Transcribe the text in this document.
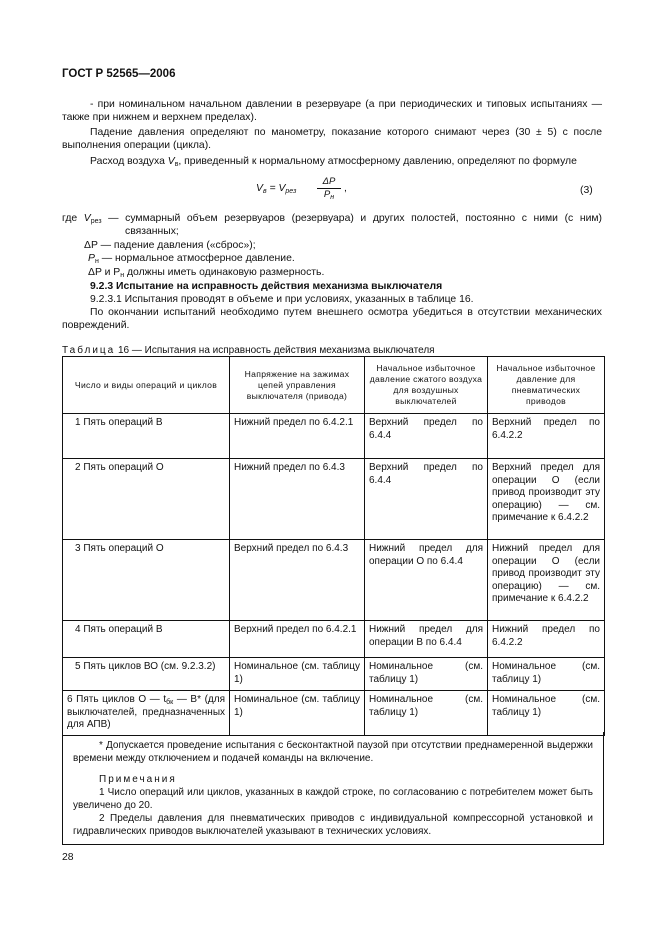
ГОСТ Р 52565—2006
- при номинальном начальном давлении в резервуаре (а при периодических и типовых испытаниях — также при нижнем и верхнем пределах).
Падение давления определяют по манометру, показание которого снимают через (30 ± 5) с после выполнения операции (цикла).
Расход воздуха $V_в$, приведенный к нормальному атмосферному давлению, определяют по формуле
$V_в = V_{рез}$
ΔP
$P_н$
,	(3)
где $V_{рез}$ — суммарный объем резервуаров (резервуара) и других полостей, постоянно с ними (с ним) связанных;
ΔP — падение давления («сброс»);
$P_н$ — нормальное атмосферное давление.
ΔP и $P_н$ должны иметь одинаковую размерность.
9.2.3 Испытание на исправность действия механизма выключателя
9.2.3.1 Испытания проводят в объеме и при условиях, указанных в таблице 16.
По окончании испытаний необходимо путем внешнего осмотра убедиться в отсутствии механических повреждений.
Таблица 16 — Испытания на исправность действия механизма выключателя
Число и виды операций и циклов	Напряжение на зажимах цепей управления выключателя (привода)	Начальное избыточное давление сжатого воздуха для воздушных выключателей	Начальное избыточное давление для пневматических приводов
1 Пять операций В	Нижний предел по 6.4.2.1	Верхний предел по 6.4.4	Верхний предел по 6.4.2.2
2 Пять операций О	Нижний предел по 6.4.3	Верхний предел по 6.4.4	Верхний предел для операции О (если привод производит эту операцию) — см. примечание к 6.4.2.2
3 Пять операций О	Верхний предел по 6.4.3	Нижний предел для операции О по 6.4.4	Нижний предел для операции О (если привод производит эту операцию) — см. примечание к 6.4.2.2
4 Пять операций В	Верхний предел по 6.4.2.1	Нижний предел для операции В по 6.4.4	Нижний предел по 6.4.2.2
5 Пять циклов ВО (см. 9.2.3.2)	Номинальное (см. таблицу 1)	Номинальное (см. таблицу 1)	Номинальное (см. таблицу 1)
6 Пять циклов О — $t_{бк}$ — В* (для выключателей, предназначенных для АПВ)	Номинальное (см. таблицу 1)	Номинальное (см. таблицу 1)	Номинальное (см. таблицу 1)
* Допускается проведение испытания с бесконтактной паузой при отсутствии преднамеренной выдержки времени между отключением и подачей команды на включение.
Примечания
1 Число операций или циклов, указанных в каждой строке, по согласованию с потребителем может быть увеличено до 20.
2 Пределы давления для пневматических приводов с индивидуальной компрессорной установкой и гидравлических приводов выключателей указывают в технических условиях.
28
